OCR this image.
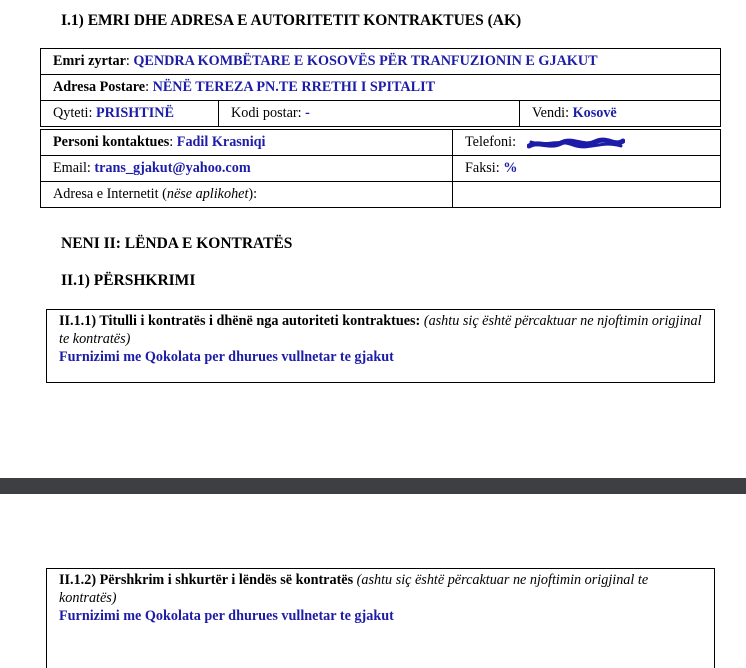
I.1) EMRI DHE ADRESA E AUTORITETIT KONTRAKTUES (AK)
Emri zyrtar: QENDRA KOMBËTARE E KOSOVËS PËR TRANFUZIONIN E GJAKUT
Adresa Postare: NËNË TEREZA PN.TE RRETHI I SPITALIT
Qyteti: PRISHTINË	Kodi postar: -	Vendi: Kosovë
Personi kontaktues: Fadil Krasniqi	Telefoni:
Email: trans_gjakut@yahoo.com	Faksi: %
Adresa e Internetit (nëse aplikohet):	
NENI II: LËNDA E KONTRATËS
II.1) PËRSHKRIMI
II.1.1) Titulli i kontratës i dhënë nga autoriteti kontraktues: (ashtu siç është përcaktuar ne njoftimin origjinal te kontratës)
Furnizimi me Qokolata per dhurues vullnetar te gjakut
II.1.2) Përshkrim i shkurtër i lëndës së kontratës (ashtu siç është përcaktuar ne njoftimin origjinal te kontratës)
Furnizimi me Qokolata per dhurues vullnetar te gjakut
